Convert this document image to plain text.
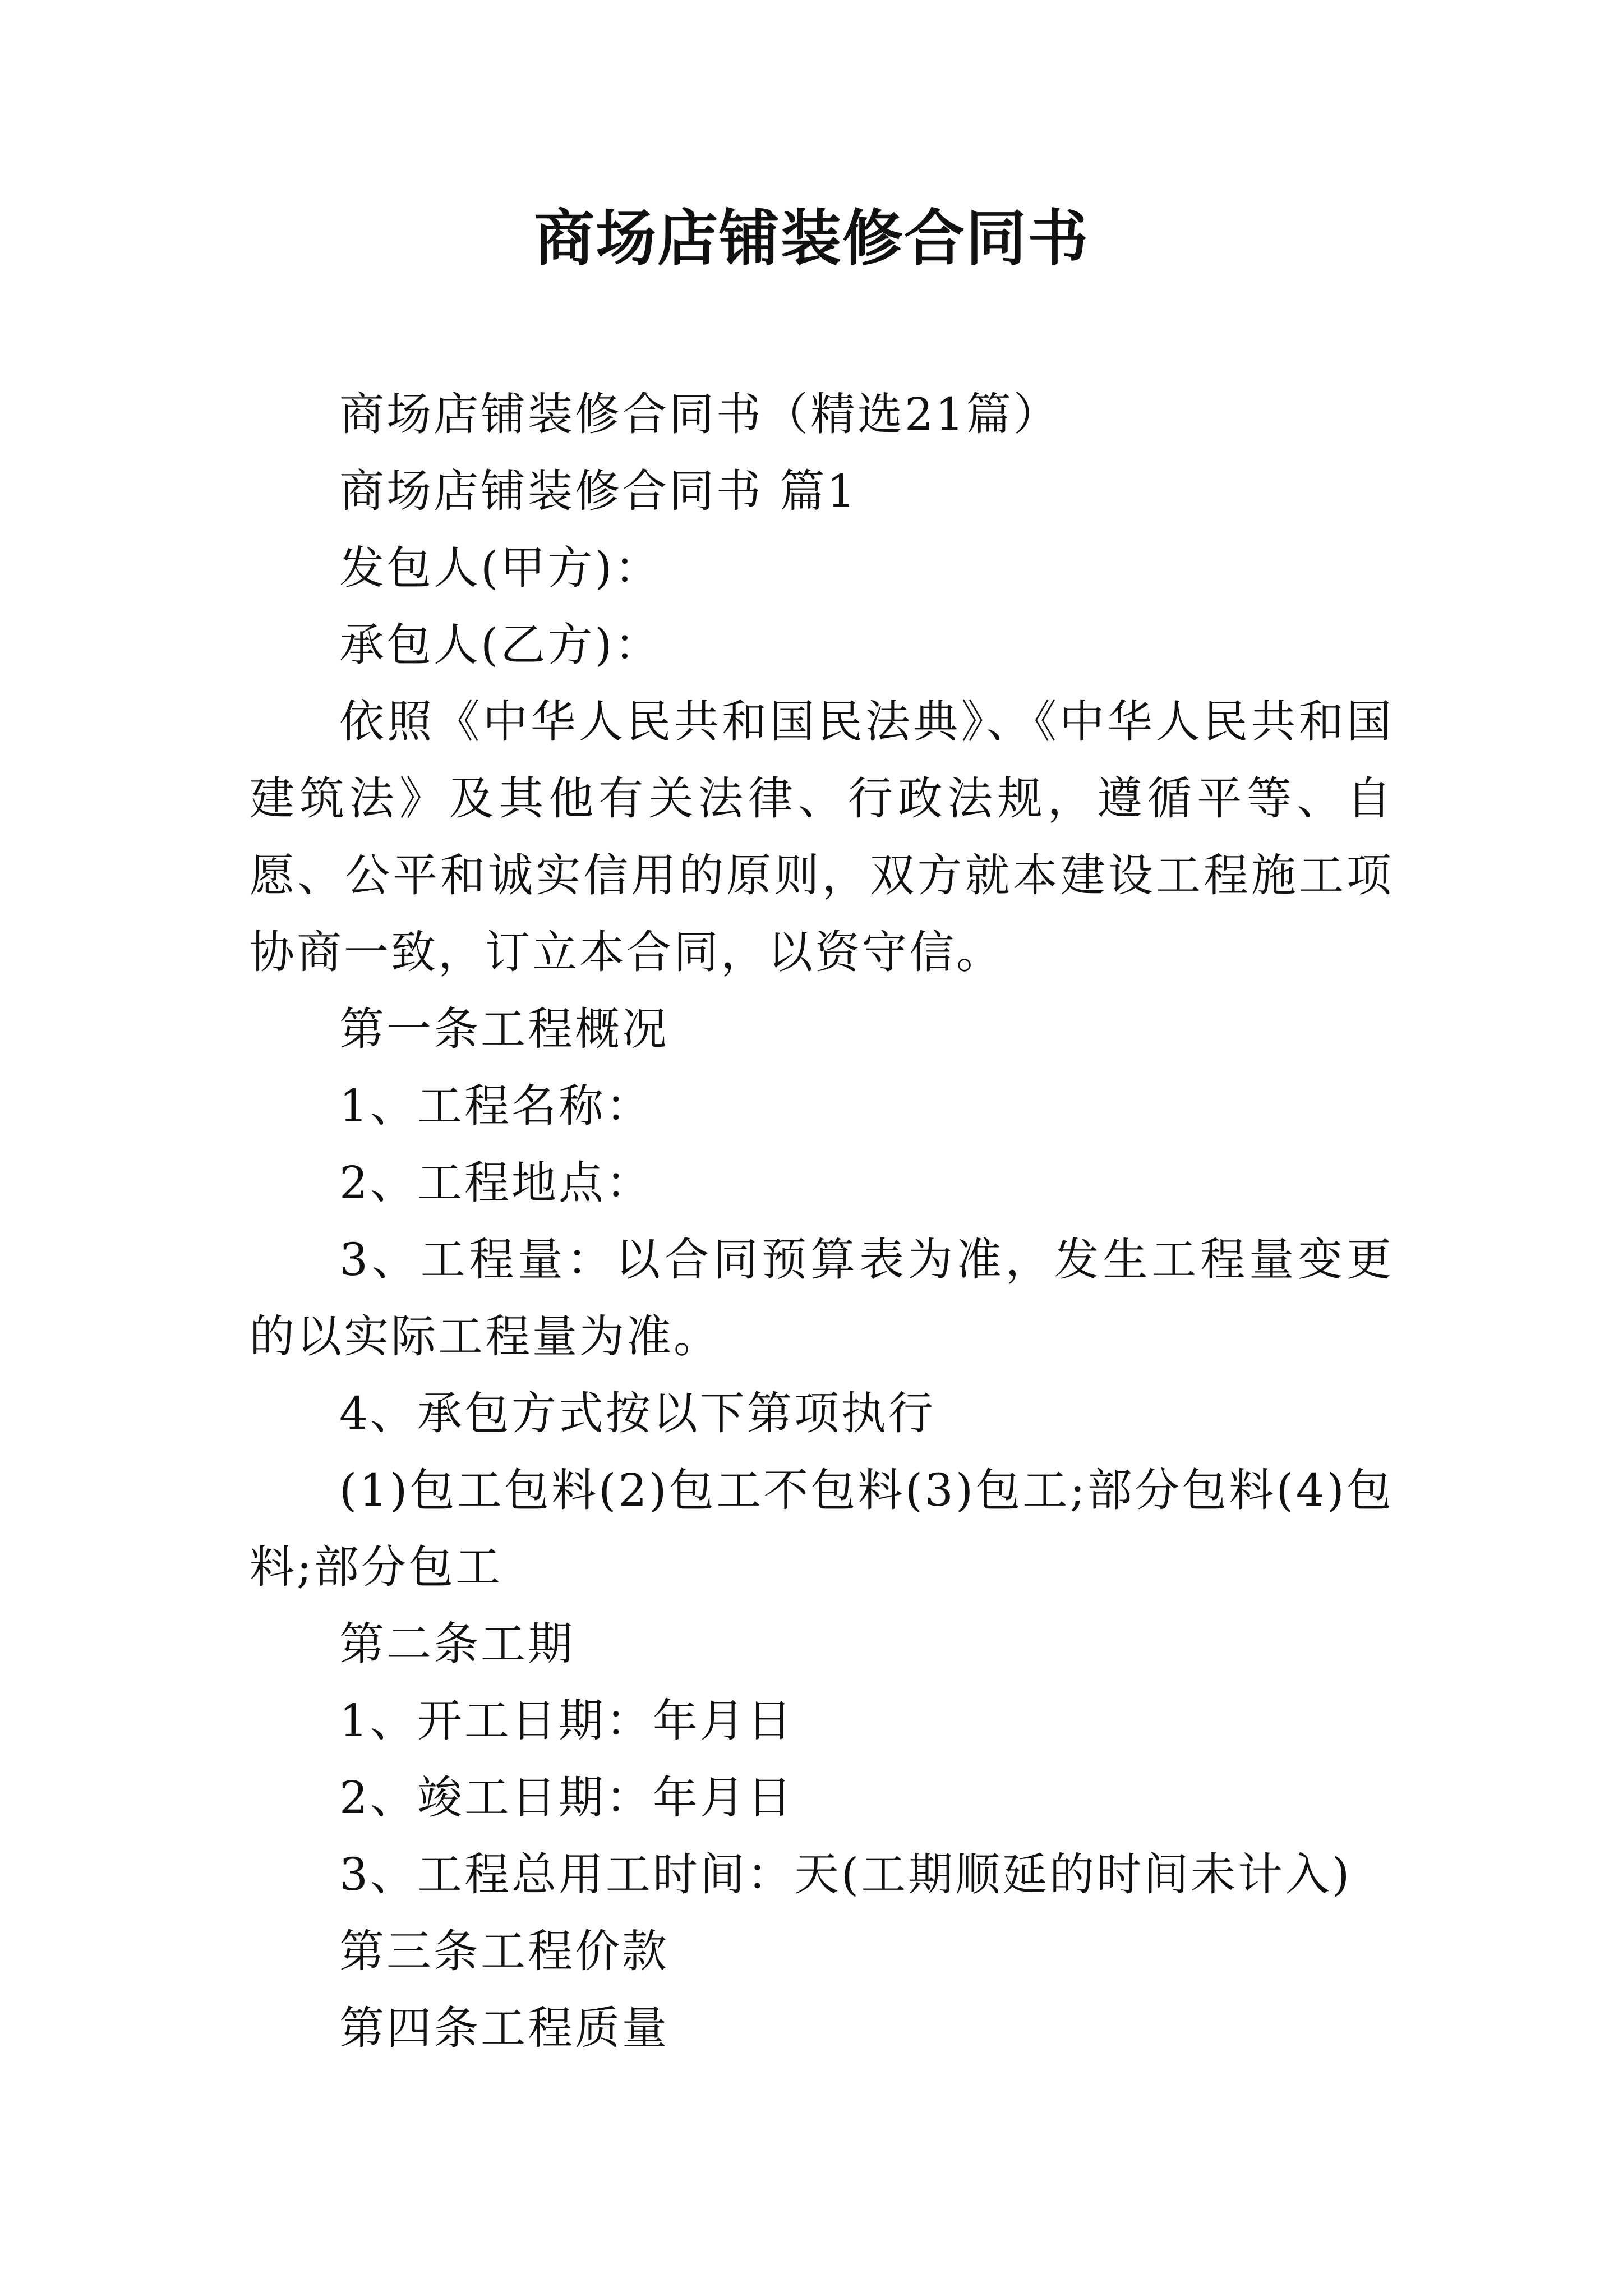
商场店铺装修合同书

商场店铺装修合同书（精选21篇）

商场店铺装修合同书 篇1

发包人(甲方)：

承包人(乙方)：

依照《中华人民共和国民法典》、《中华人民共和国建筑法》及其他有关法律、行政法规，遵循平等、自愿、公平和诚实信用的原则，双方就本建设工程施工项协商一致，订立本合同，以资守信。

第一条工程概况

1、工程名称：

2、工程地点：

3、工程量：以合同预算表为准，发生工程量变更的以实际工程量为准。

4、承包方式按以下第项执行

(1)包工包料(2)包工不包料(3)包工;部分包料(4)包料;部分包工

第二条工期

1、开工日期：年月日

2、竣工日期：年月日

3、工程总用工时间：天(工期顺延的时间未计入)

第三条工程价款

第四条工程质量
